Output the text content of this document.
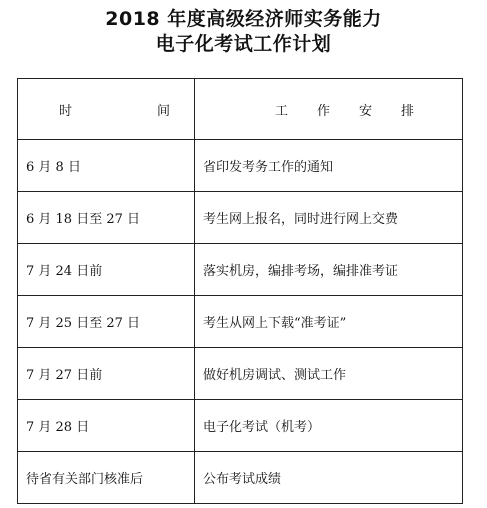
2018 年度高级经济师实务能力
电子化考试工作计划
时 间	工 作 安 排

6 月 8 日	省印发考务工作的通知
6 月 18 日至 27 日	考生网上报名，同时进行网上交费
7 月 24 日前	落实机房，编排考场，编排准考证
7 月 25 日至 27 日	考生从网上下载“准考证”
7 月 27 日前	做好机房调试、测试工作
7 月 28 日	电子化考试（机考）
待省有关部门核准后	公布考试成绩
